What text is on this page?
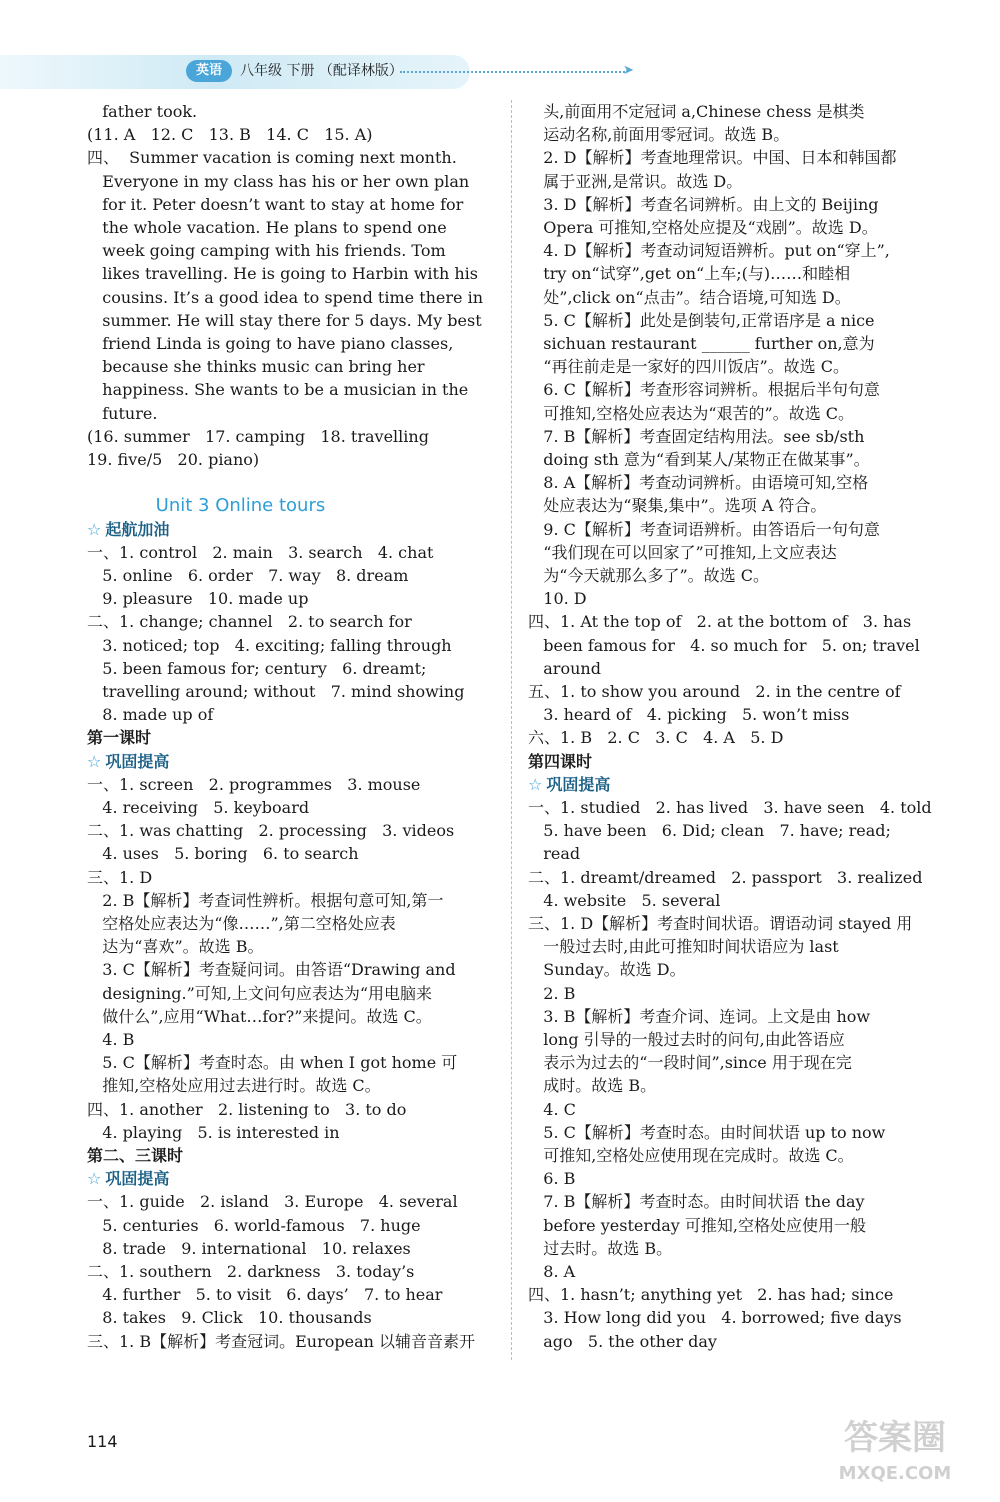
英语	八年级 下册 （配译林版）	➤
father took.
(11. A   12. C   13. B   14. C   15. A)
四、  Summer vacation is coming next month.
Everyone in my class has his or her own plan
for it. Peter doesn’t want to stay at home for
the whole vacation. He plans to spend one
week going camping with his friends. Tom
likes travelling. He is going to Harbin with his
cousins. It’s a good idea to spend time there in
summer. He will stay there for 5 days. My best
friend Linda is going to have piano classes,
because she thinks music can bring her
happiness. She wants to be a musician in the
future.
(16. summer   17. camping   18. travelling
19. five/5   20. piano)
Unit 3 Online tours
☆ 起航加油
一、1. control   2. main   3. search   4. chat
5. online   6. order   7. way   8. dream
9. pleasure   10. made up
二、1. change; channel   2. to search for
3. noticed; top   4. exciting; falling through
5. been famous for; century   6. dreamt;
travelling around; without   7. mind showing
8. made up of
第一课时
☆ 巩固提高
一、1. screen   2. programmes   3. mouse
4. receiving   5. keyboard
二、1. was chatting   2. processing   3. videos
4. uses   5. boring   6. to search
三、1. D
2. B【解析】考查词性辨析。根据句意可知,第一
空格处应表达为“像……”,第二空格处应表
达为“喜欢”。故选 B。
3. C【解析】考查疑问词。由答语“Drawing and
designing.”可知,上文问句应表达为“用电脑来
做什么”,应用“What…for?”来提问。故选 C。
4. B
5. C【解析】考查时态。由 when I got home 可
推知,空格处应用过去进行时。故选 C。
四、1. another   2. listening to   3. to do
4. playing   5. is interested in
第二、三课时
☆ 巩固提高
一、1. guide   2. island   3. Europe   4. several
5. centuries   6. world-famous   7. huge
8. trade   9. international   10. relaxes
二、1. southern   2. darkness   3. today’s
4. further   5. to visit   6. days’   7. to hear
8. takes   9. Click   10. thousands
三、1. B【解析】考查冠词。European 以辅音音素开
头,前面用不定冠词 a,Chinese chess 是棋类
运动名称,前面用零冠词。故选 B。
2. D【解析】考查地理常识。中国、日本和韩国都
属于亚洲,是常识。故选 D。
3. D【解析】考查名词辨析。由上文的 Beijing
Opera 可推知,空格处应提及“戏剧”。故选 D。
4. D【解析】考查动词短语辨析。put on“穿上”,
try on“试穿”,get on“上车;(与)……和睦相
处”,click on“点击”。结合语境,可知选 D。
5. C【解析】此处是倒装句,正常语序是 a nice
sichuan restaurant ______ further on,意为
“再往前走是一家好的四川饭店”。故选 C。
6. C【解析】考查形容词辨析。根据后半句句意
可推知,空格处应表达为“艰苦的”。故选 C。
7. B【解析】考查固定结构用法。see sb/sth
doing sth 意为“看到某人/某物正在做某事”。
8. A【解析】考查动词辨析。由语境可知,空格
处应表达为“聚集,集中”。选项 A 符合。
9. C【解析】考查词语辨析。由答语后一句句意
“我们现在可以回家了”可推知,上文应表达
为“今天就那么多了”。故选 C。
10. D
四、1. At the top of   2. at the bottom of   3. has
been famous for   4. so much for   5. on; travel
around
五、1. to show you around   2. in the centre of
3. heard of   4. picking   5. won’t miss
六、1. B   2. C   3. C   4. A   5. D
第四课时
☆ 巩固提高
一、1. studied   2. has lived   3. have seen   4. told
5. have been   6. Did; clean   7. have; read;
read
二、1. dreamt/dreamed   2. passport   3. realized
4. website   5. several
三、1. D【解析】考查时间状语。谓语动词 stayed 用
一般过去时,由此可推知时间状语应为 last
Sunday。故选 D。
2. B
3. B【解析】考查介词、连词。上文是由 how
long 引导的一般过去时的问句,由此答语应
表示为过去的“一段时间”,since 用于现在完
成时。故选 B。
4. C
5. C【解析】考查时态。由时间状语 up to now
可推知,空格处应使用现在完成时。故选 C。
6. B
7. B【解析】考查时态。由时间状语 the day
before yesterday 可推知,空格处应使用一般
过去时。故选 B。
8. A
四、1. hasn’t; anything yet   2. has had; since
3. How long did you   4. borrowed; five days
ago   5. the other day
114	答案圈
MXQE.COM
